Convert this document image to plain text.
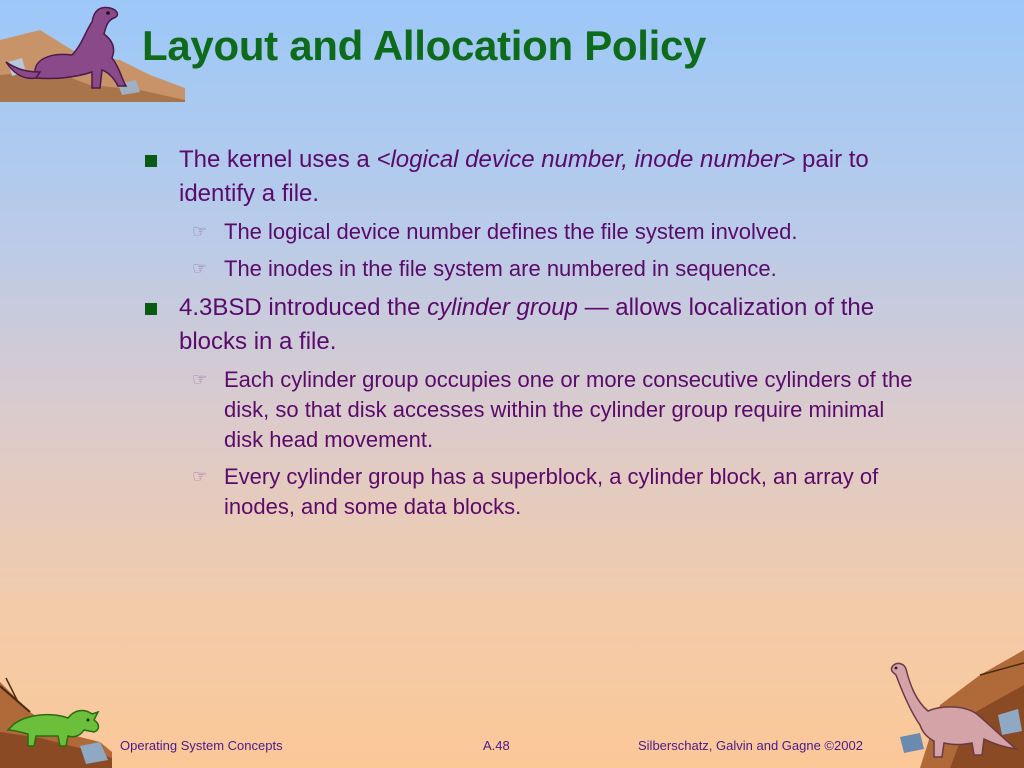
Layout and Allocation Policy
The kernel uses a <logical device number, inode number> pair to identify a file.
☞ The logical device number defines the file system involved.
☞ The inodes in the file system are numbered in sequence.
4.3BSD introduced the cylinder group — allows localization of the blocks in a file.
☞ Each cylinder group occupies one or more consecutive cylinders of the disk, so that disk accesses within the cylinder group require minimal disk head movement.
☞ Every cylinder group has a superblock, a cylinder block, an array of inodes, and some data blocks.
Operating System Concepts	A.48	Silberschatz, Galvin and Gagne ©2002
